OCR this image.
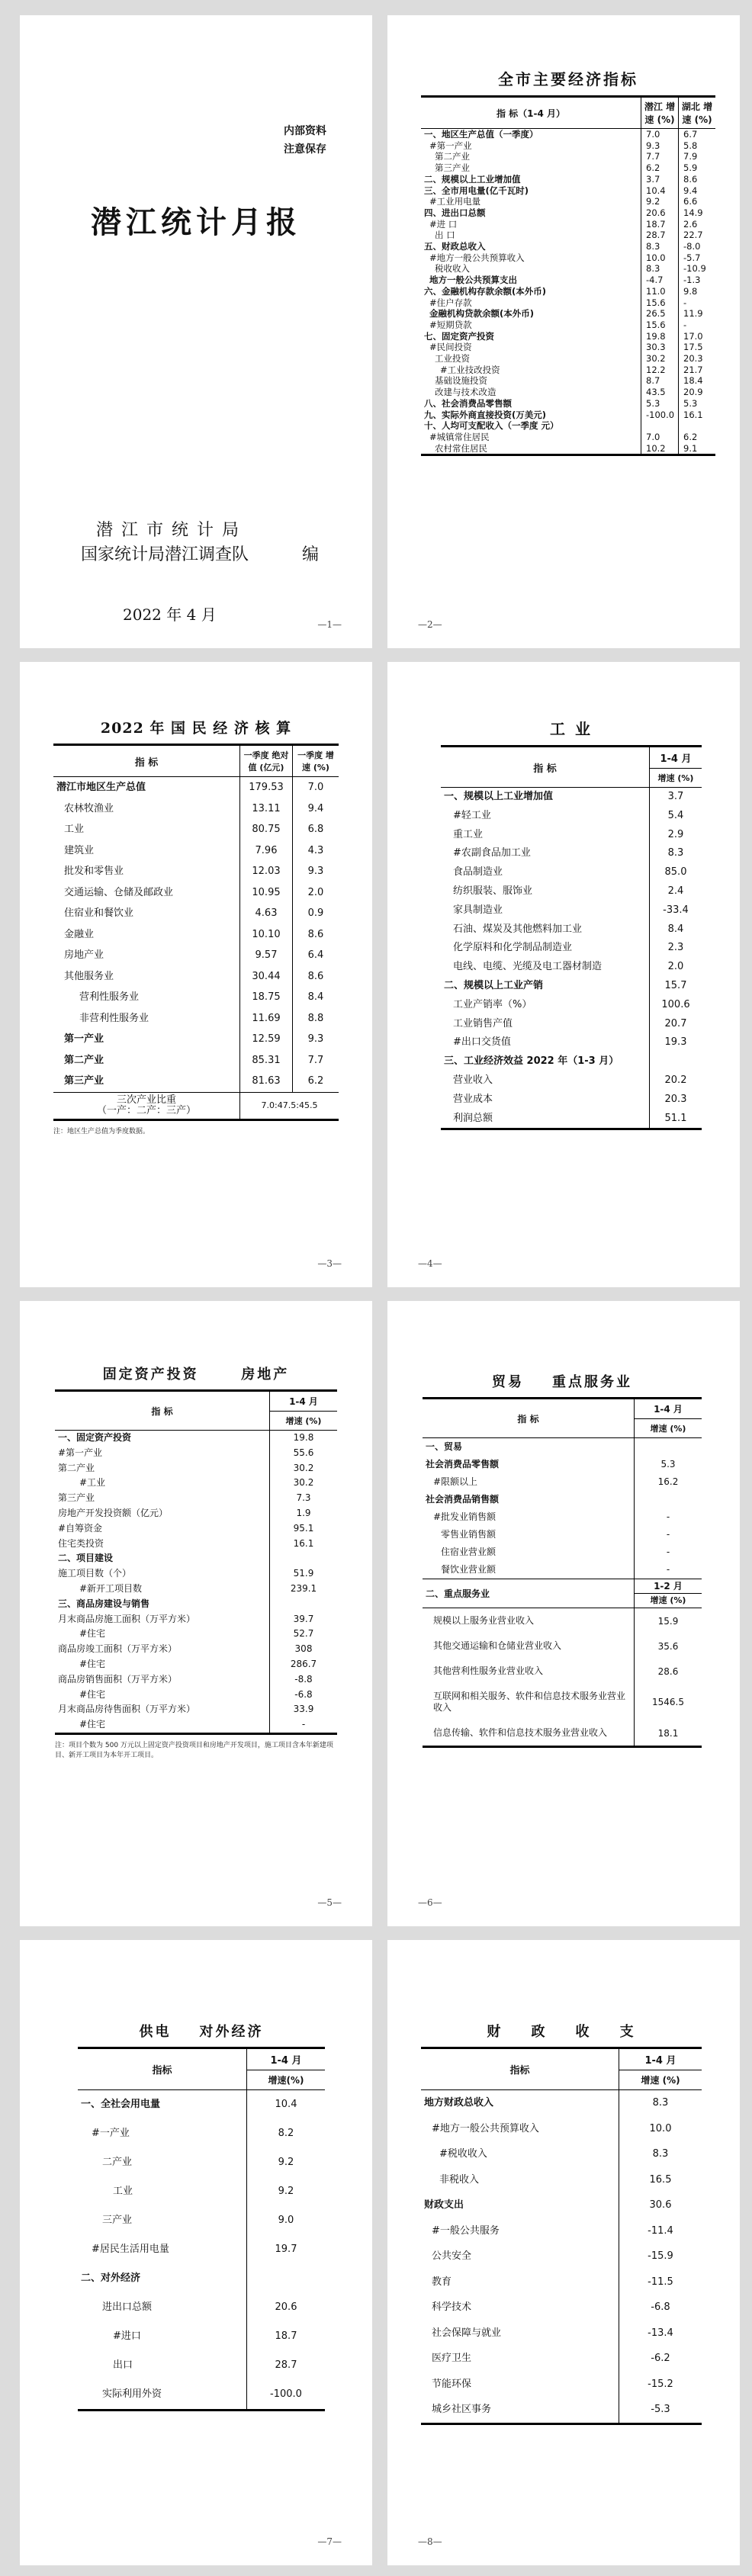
内部资料
注意保存
潜江统计月报
潜 江 市 统 计 局
国家统计局潜江调查队	编
2022 年 4 月
—1—
全市主要经济指标
指 标（1-4 月）	潜江 增速 (%)	湖北 增速 (%)
一、地区生产总值（一季度）	7.0	6.7
#第一产业	9.3	5.8
第二产业	7.7	7.9
第三产业	6.2	5.9
二、规模以上工业增加值	3.7	8.6
三、全市用电量(亿千瓦时)	10.4	9.4
#工业用电量	9.2	6.6
四、进出口总额	20.6	14.9
#进 口	18.7	2.6
出 口	28.7	22.7
五、财政总收入	8.3	-8.0
#地方一般公共预算收入	10.0	-5.7
税收收入	8.3	-10.9
地方一般公共预算支出	-4.7	-1.3
六、金融机构存款余额(本外币)	11.0	9.8
#住户存款	15.6	-
金融机构贷款余额(本外币)	26.5	11.9
#短期贷款	15.6	-
七、固定资产投资	19.8	17.0
#民间投资	30.3	17.5
工业投资	30.2	20.3
#工业技改投资	12.2	21.7
基础设施投资	8.7	18.4
改建与技术改造	43.5	20.9
八、社会消费品零售额	5.3	5.3
九、实际外商直接投资(万美元)	-100.0	16.1
十、人均可支配收入（一季度 元）		
#城镇常住居民	7.0	6.2
农村常住居民	10.2	9.1
—2—
2022 年 国 民 经 济 核 算
指 标	一季度 绝对值 (亿元)	一季度 增速 (%)
潜江市地区生产总值	179.53	7.0
农林牧渔业	13.11	9.4
工业	80.75	6.8
建筑业	7.96	4.3
批发和零售业	12.03	9.3
交通运输、仓储及邮政业	10.95	2.0
住宿业和餐饮业	4.63	0.9
金融业	10.10	8.6
房地产业	9.57	6.4
其他服务业	30.44	8.6
营利性服务业	18.75	8.4
非营利性服务业	11.69	8.8
第一产业	12.59	9.3
第二产业	85.31	7.7
第三产业	81.63	6.2

三次产业比重
（一产：二产：三产）	7.0:47.5:45.5	
注：地区生产总值为季度数据。
—3—
工 业
指 标	1-4 月
	增速 (%)
一、规模以上工业增加值	3.7
#轻工业	5.4
重工业	2.9
#农副食品加工业	8.3
食品制造业	85.0
纺织服装、服饰业	2.4
家具制造业	-33.4
石油、煤炭及其他燃料加工业	8.4
化学原料和化学制品制造业	2.3
电线、电缆、光缆及电工器材制造	2.0
二、规模以上工业产销	15.7
工业产销率（%）	100.6
工业销售产值	20.7
#出口交货值	19.3
三、工业经济效益 2022 年（1-3 月）	
营业收入	20.2
营业成本	20.3
利润总额	51.1
—4—
固定资产投资      房地产
指 标	1-4 月
	增速 (%)
一、固定资产投资	19.8
#第一产业	55.6
第二产业	30.2
#工业	30.2
第三产业	7.3
房地产开发投资额（亿元）	1.9
#自筹资金	95.1
住宅类投资	16.1
二、项目建设	
施工项目数（个）	51.9
#新开工项目数	239.1
三、商品房建设与销售	
月末商品房施工面积（万平方米）	39.7
#住宅	52.7
商品房竣工面积（万平方米）	308
#住宅	286.7
商品房销售面积（万平方米）	-8.8
#住宅	-6.8
月末商品房待售面积（万平方米）	33.9
#住宅	-
注：项目个数为 500 万元以上固定资产投资项目和房地产开发项目，施工项目含本年新建项目、新开工项目为本年开工项目。
—5—
贸易    重点服务业
指 标	1-4 月
	增速 (%)
一、贸易	
社会消费品零售额	5.3
#限额以上	16.2
社会消费品销售额	
#批发业销售额	-
零售业销售额	-
住宿业营业额	-
餐饮业营业额	-
二、重点服务业	1-2 月
	增速 (%)
规模以上服务业营业收入	15.9
其他交通运输和仓储业营业收入	35.6
其他营利性服务业营业收入	28.6
互联网和相关服务、软件和信息技术服务业营业收入	1546.5
信息传输、软件和信息技术服务业营业收入	18.1
—6—
供电    对外经济
指标	1-4 月
	增速(%)
一、全社会用电量	10.4
#一产业	8.2
二产业	9.2
工业	9.2
三产业	9.0
#居民生活用电量	19.7
二、对外经济	
进出口总额	20.6
#进口	18.7
出口	28.7
实际利用外资	-100.0
—7—
财    政    收    支
指标	1-4 月
	增速 (%)
地方财政总收入	8.3
#地方一般公共预算收入	10.0
#税收收入	8.3
非税收入	16.5
财政支出	30.6
#一般公共服务	-11.4
公共安全	-15.9
教育	-11.5
科学技术	-6.8
社会保障与就业	-13.4
医疗卫生	-6.2
节能环保	-15.2
城乡社区事务	-5.3
—8—
